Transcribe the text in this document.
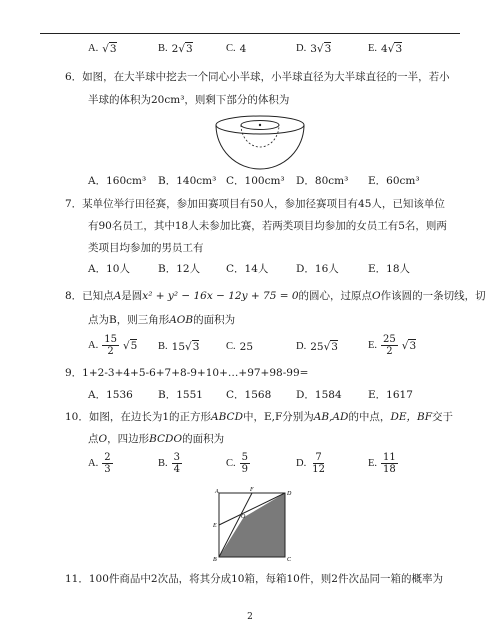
A. √3	B. 2√3	C. 4	D. 3√3	E. 4√3
6．如图，在大半球中挖去一个同心小半球，小半球直径为大半球直径的一半，若小
半球的体积为20cm³，则剩下部分的体积为
A．160cm³ B．140cm³ C．100cm³ D．80cm³ E．60cm³
7．某单位举行田径赛，参加田赛项目有50人，参加径赛项目有45人，已知该单位
有90名员工，其中18人未参加比赛，若两类项目均参加的女员工有5名，则两
类项目均参加的男员工有
A．10人	B．12人 C．14人	D．16人	E．18人
8．已知点A是圆x² + y² − 16x − 12y + 75 = 0的圆心，过原点O作该圆的一条切线，切
点为B，则三角形AOB的面积为
A. $\frac{15}{2} √5$ B. 15√3	C. 25	D. 25√3	E. $\frac{25}{2} √3$
9．1+2-3+4+5-6+7+8-9+10+…+97+98-99=
A．1536 B．1551 C．1568 D．1584	E．1617
10．如图，在边长为1的正方形ABCD中，E,F分别为AB,AD的中点，DE，BF交于
点O，四边形BCDO的面积为
A. $\frac{2}{3}$	B. $\frac{3}{4}$	C. $\frac{5}{9}$	D. $\frac{7}{12}$	E. $\frac{11}{18}$
A	F
D
E
O
B	C
11．100件商品中2次品，将其分成10箱，每箱10件，则2件次品同一箱的概率为
2
